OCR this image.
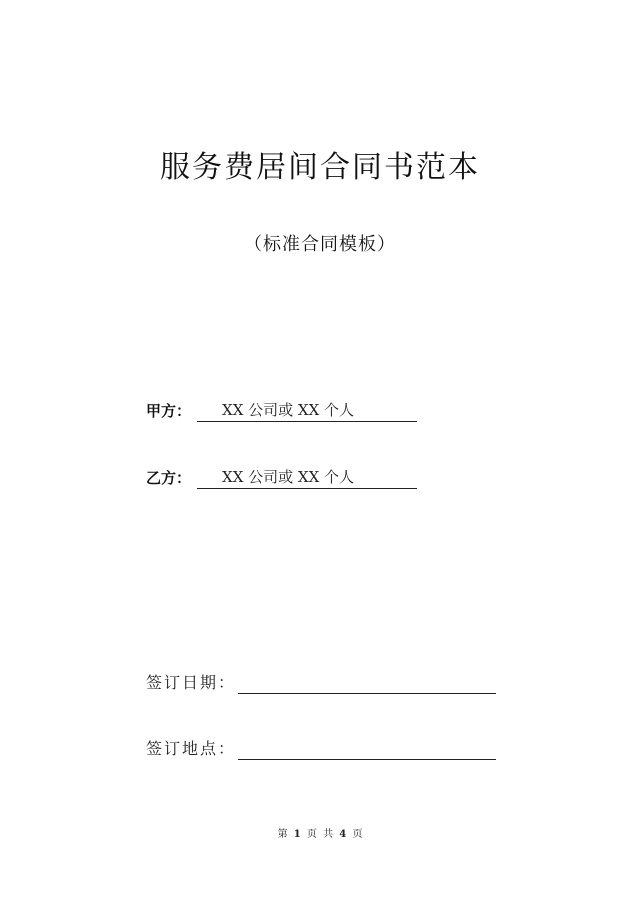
服务费居间合同书范本
（标准合同模板）
甲方： XX 公司或 XX 个人
乙方： XX 公司或 XX 个人
签订日期：
签订地点：
第 1 页 共 4 页
